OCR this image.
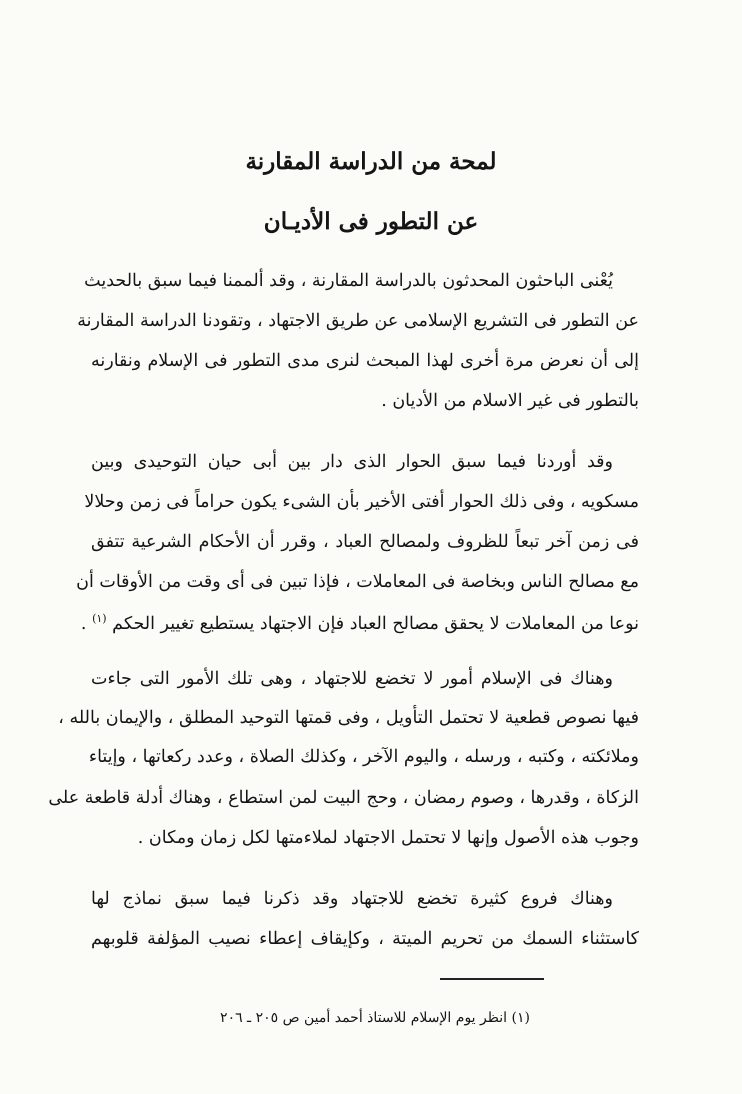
لمحة من الدراسة المقارنة
عن التطور فى الأديـان
يُعْنى الباحثون المحدثون بالدراسة المقارنة ، وقد ألممنا فيما سبق بالحديث
عن التطور فى التشريع الإسلامى عن طريق الاجتهاد ، وتقودنا الدراسة المقارنة
إلى أن نعرض مرة أخرى لهذا المبحث لنرى مدى التطور فى الإسلام ونقارنه
بالتطور فى غير الاسلام من الأديان .
وقد أوردنا فيما سبق الحوار الذى دار بين أبى حيان التوحيدى وبين
مسكويه ، وفى ذلك الحوار أفتى الأخير بأن الشىء يكون حراماً فى زمن وحلالا
فى زمن آخر تبعاً للظروف ولمصالح العباد ، وقرر أن الأحكام الشرعية تتفق
مع مصالح الناس وبخاصة فى المعاملات ، فإذا تبين فى أى وقت من الأوقات أن
نوعا من المعاملات لا يحقق مصالح العباد فإن الاجتهاد يستطيع تغيير الحكم $^{(١)}$ .
وهناك فى الإسلام أمور لا تخضع للاجتهاد ، وهى تلك الأمور التى جاءت
فيها نصوص قطعية لا تحتمل التأويل ، وفى قمتها التوحيد المطلق ، والإيمان بالله ،
وملائكته ، وكتبه ، ورسله ، واليوم الآخر ، وكذلك الصلاة ، وعدد ركعاتها ، وإيتاء
الزكاة ، وقدرها ، وصوم رمضان ، وحج البيت لمن استطاع ، وهناك أدلة قاطعة على
وجوب هذه الأصول وإنها لا تحتمل الاجتهاد لملاءمتها لكل زمان ومكان .
وهناك فروع كثيرة تخضع للاجتهاد وقد ذكرنا فيما سبق نماذج لها
كاستثناء السمك من تحريم الميتة ، وكإيقاف إعطاء نصيب المؤلفة قلوبهم
(١) انظر يوم الإسلام للاستاذ أحمد أمين ص ٢٠٥ ـ ٢٠٦
